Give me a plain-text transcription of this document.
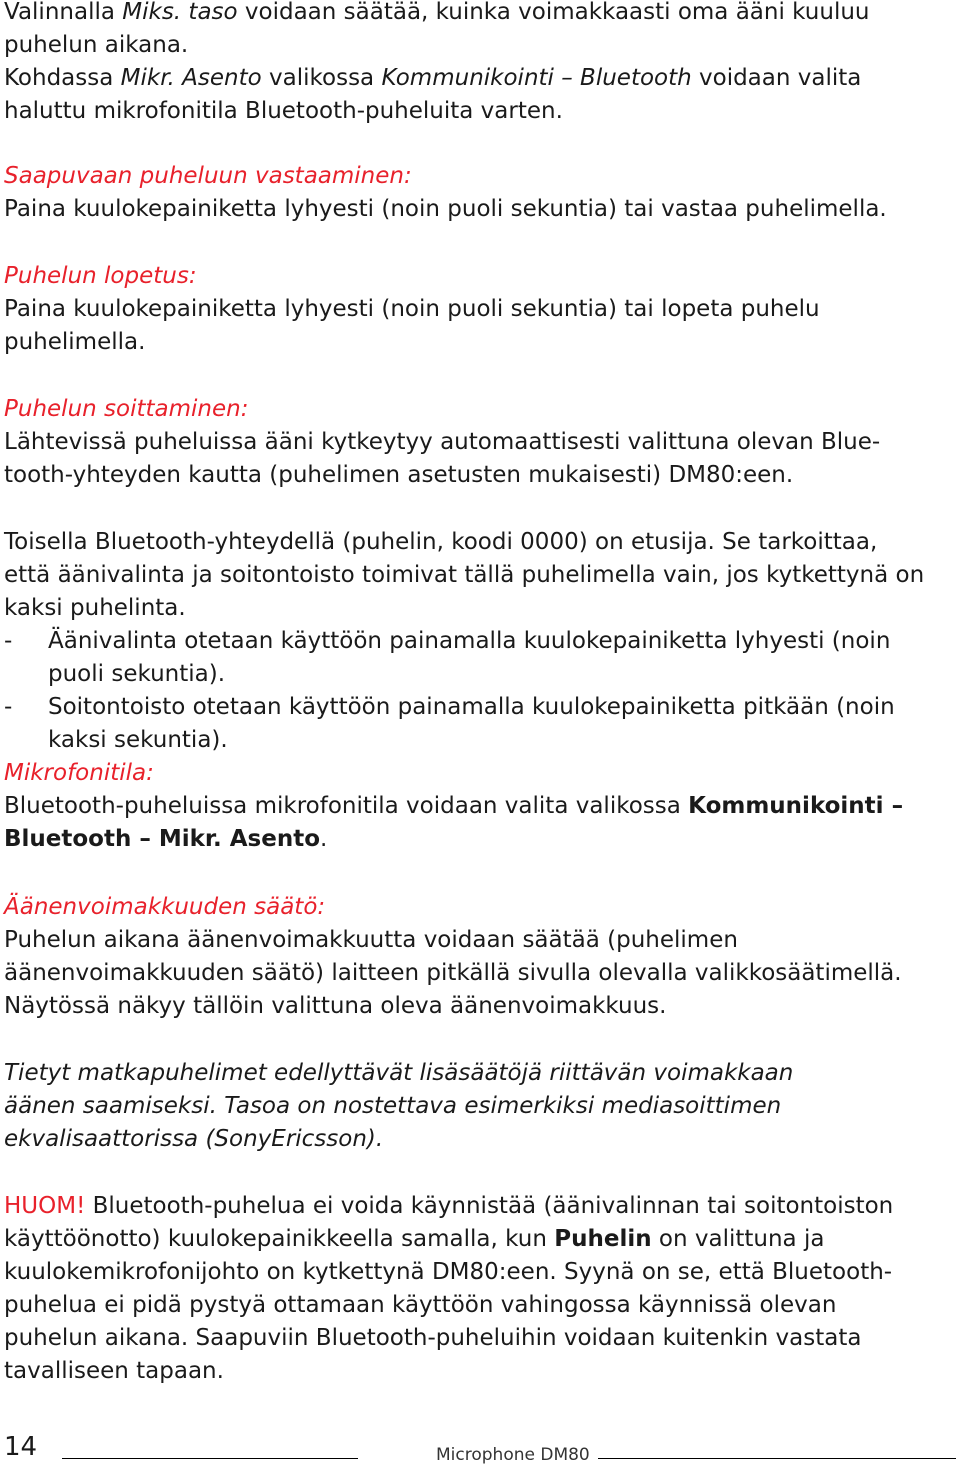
Valinnalla Miks. taso voidaan säätää, kuinka voimakkaasti oma ääni kuuluu

puhelun aikana.

Kohdassa Mikr. Asento valikossa Kommunikointi – Bluetooth voidaan valita

haluttu mikrofonitila Bluetooth-puheluita varten.

Saapuvaan puheluun vastaaminen:

Paina kuulokepainiketta lyhyesti (noin puoli sekuntia) tai vastaa puhelimella.

Puhelun lopetus:

Paina kuulokepainiketta lyhyesti (noin puoli sekuntia) tai lopeta puhelu

puhelimella.

Puhelun soittaminen:

Lähtevissä puheluissa ääni kytkeytyy automaattisesti valittuna olevan Blue-

tooth-yhteyden kautta (puhelimen asetusten mukaisesti) DM80:een.

Toisella Bluetooth-yhteydellä (puhelin, koodi 0000) on etusija. Se tarkoittaa,

että äänivalinta ja soitontoisto toimivat tällä puhelimella vain, jos kytkettynä on

kaksi puhelinta.

-	Äänivalinta otetaan käyttöön painamalla kuulokepainiketta lyhyesti (noin

puoli sekuntia).

-	Soitontoisto otetaan käyttöön painamalla kuulokepainiketta pitkään (noin

kaksi sekuntia).

Mikrofonitila:

Bluetooth-puheluissa mikrofonitila voidaan valita valikossa Kommunikointi –

Bluetooth – Mikr. Asento.

Äänenvoimakkuuden säätö:

Puhelun aikana äänenvoimakkuutta voidaan säätää (puhelimen

äänenvoimakkuuden säätö) laitteen pitkällä sivulla olevalla valikkosäätimellä.

Näytössä näkyy tällöin valittuna oleva äänenvoimakkuus.

Tietyt matkapuhelimet edellyttävät lisäsäätöjä riittävän voimakkaan

äänen saamiseksi. Tasoa on nostettava esimerkiksi mediasoittimen

ekvalisaattorissa (SonyEricsson).

HUOM! Bluetooth-puhelua ei voida käynnistää (äänivalinnan tai soitontoiston

käyttöönotto) kuulokepainikkeella samalla, kun Puhelin on valittuna ja

kuulokemikrofonijohto on kytkettynä DM80:een. Syynä on se, että Bluetooth-

puhelua ei pidä pystyä ottamaan käyttöön vahingossa käynnissä olevan

puhelun aikana. Saapuviin Bluetooth-puheluihin voidaan kuitenkin vastata

tavalliseen tapaan.

14	Microphone DM80
